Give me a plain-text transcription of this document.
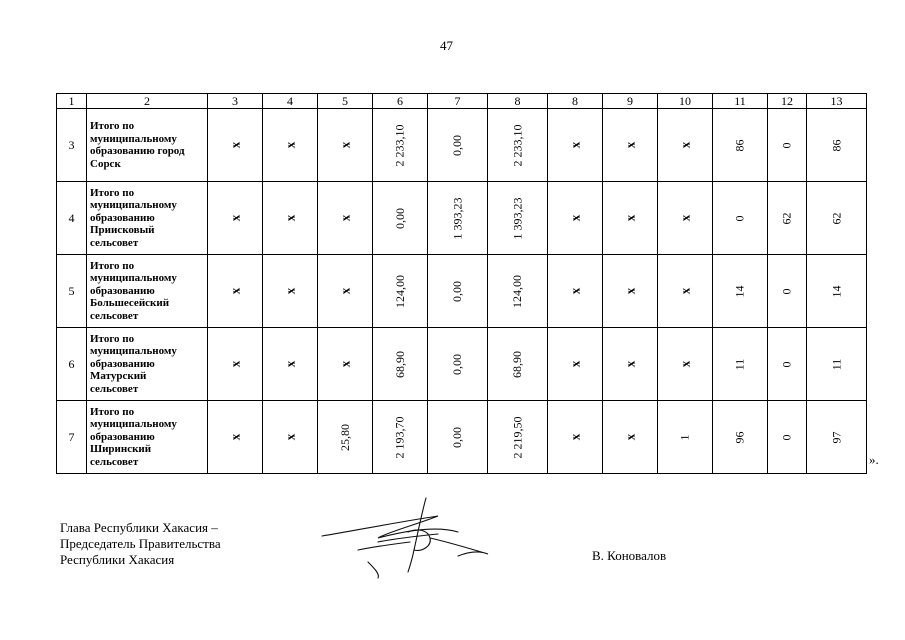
47
1	2	3	4	5	6	7	8	8	9	10	11	12	13
3	Итого по
муниципальному
образованию город
Сорск	x	x	x	2 233,10	0,00	2 233,10	x	x	x	86	0	86
4	Итого по
муниципальному
образованию
Приисковый
сельсовет	x	x	x	0,00	1 393,23	1 393,23	x	x	x	0	62	62
5	Итого по
муниципальному
образованию
Большесейский
сельсовет	x	x	x	124,00	0,00	124,00	x	x	x	14	0	14
6	Итого по
муниципальному
образованию
Матурский
сельсовет	x	x	x	68,90	0,00	68,90	x	x	x	11	0	11
7	Итого по
муниципальному
образованию
Ширинский
сельсовет	x	x	25,80	2 193,70	0,00	2 219,50	x	x	1	96	0	97
».
Глава Республики Хакасия –
Председатель Правительства
Республики Хакасия	В. Коновалов
